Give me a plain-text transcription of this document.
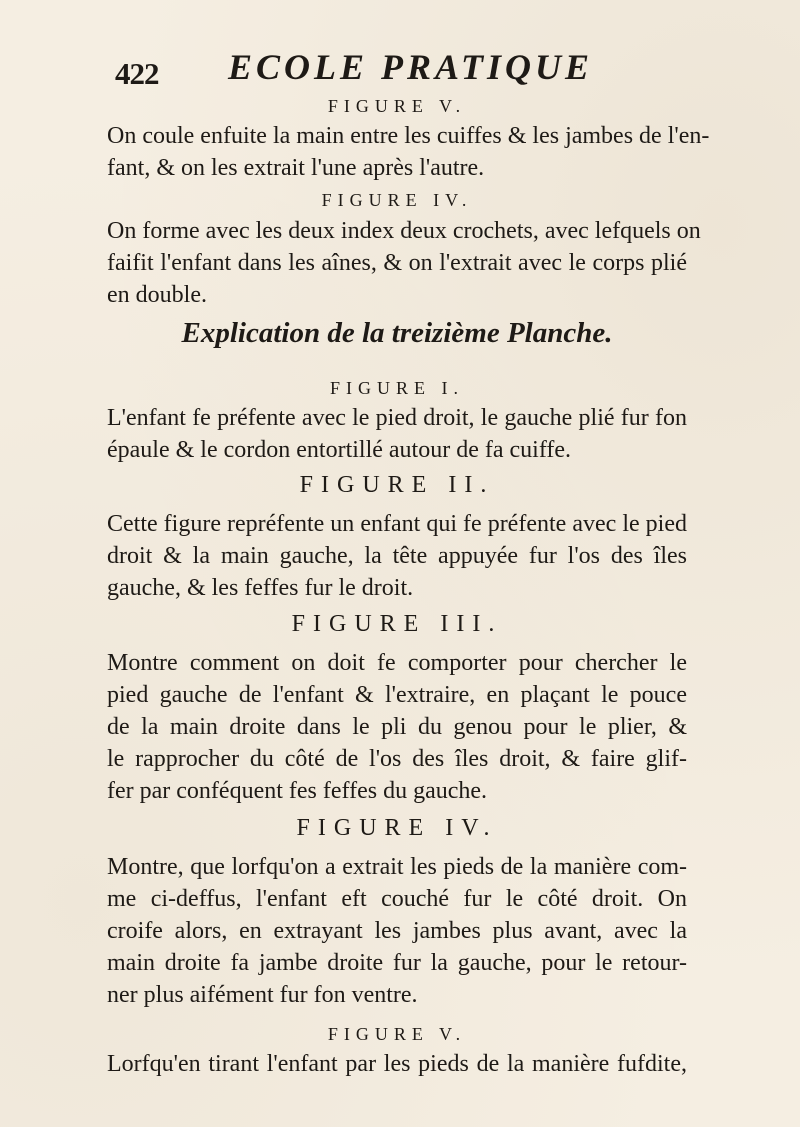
422 ECOLE PRATIQUE
FIGURE V.
On coule enfuite la main entre les cuiffes & les jambes de l'en-
fant, & on les extrait l'une après l'autre.
FIGURE IV.
On forme avec les deux index deux crochets, avec lefquels on
faifit l'enfant dans les aînes, & on l'extrait avec le corps plié
en double.
Explication de la treizième Planche.
FIGURE I.
L'enfant fe préfente avec le pied droit, le gauche plié fur fon
épaule & le cordon entortillé autour de fa cuiffe.
FIGURE II.
Cette figure repréfente un enfant qui fe préfente avec le pied
droit & la main gauche, la tête appuyée fur l'os des îles
gauche, & les feffes fur le droit.
FIGURE III.
Montre comment on doit fe comporter pour chercher le
pied gauche de l'enfant & l'extraire, en plaçant le pouce
de la main droite dans le pli du genou pour le plier, &
le rapprocher du côté de l'os des îles droit, & faire glif-
fer par conféquent fes feffes du gauche.
FIGURE IV.
Montre, que lorfqu'on a extrait les pieds de la manière com-
me ci-deffus, l'enfant eft couché fur le côté droit. On
croife alors, en extrayant les jambes plus avant, avec la
main droite fa jambe droite fur la gauche, pour le retour-
ner plus aifément fur fon ventre.
FIGURE V.
Lorfqu'en tirant l'enfant par les pieds de la manière fufdite,
